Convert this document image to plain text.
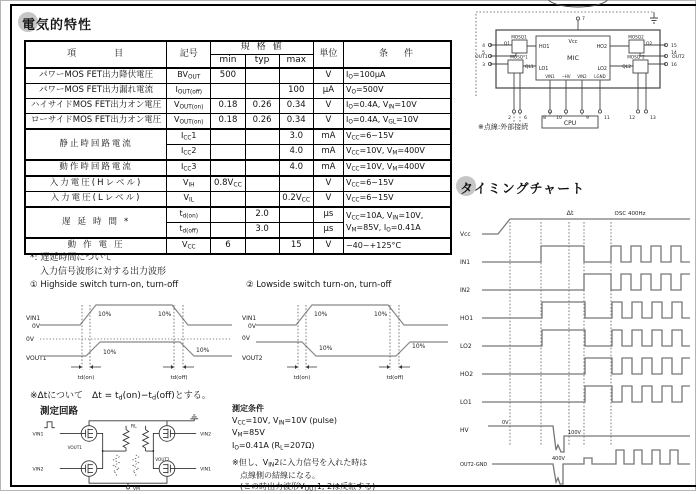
電気的特性
項目	記号	規格値			単位	条件
		min	typ	max		
パワーMOS FET出力降伏電圧	$BV_{OUT}$	500			V	$I_O=100\mu A$
パワーMOS FET出力漏れ電流	$I_{OUT(off)}$			100	μA	$V_O=500V$
ハイサイドMOS FET出力オン電圧	$V_{OUT(on)}$	0.18	0.26	0.34	V	$I_O=0.4A$, $V_{IN}=10V$
ローサイドMOS FET出力オン電圧	$V_{OUT(on)}$	0.18	0.26	0.34	V	$I_O=0.4A$, $V_{GL}=10V$
静止時回路電流	$I_{CC}1$			3.0	mA	$V_{CC}=6\sim 15V$
	$I_{CC}2$			4.0	mA	$V_{CC}=10V$, $V_M=400V$
動作時回路電流	$I_{CC}3$			4.0	mA	$V_{CC}=10V$, $V_M=400V$
入力電圧(Hレベル)	$V_{IH}$	$0.8V_{CC}$			V	$V_{CC}=6\sim 15V$
入力電圧(Lレベル)	$V_{IL}$			$0.2V_{CC}$	V	$V_{CC}=6\sim 15V$
遅延時間*	$t_{d(on)}$		2.0		μs	$V_{CC}=10A$, $V_{IN}=10V$,
$V_M=85V$, $I_O=0.41A$

	$t_{d(off)}$		3.0		μs	
動作電圧	$V_{CC}$	6		15	V	−40~+125°C
*: 遅延時間について
入力信号波形に対する出力波形
① Highside switch turn-on, turn-off
VIN1
0V
10%	10%
0V
VOUT1
10%	10%
td(on)	td(off)
② Lowside switch turn-on, turn-off
VIN1
0V
10%	10%
0V
VOUT2
10%	10%
td(on)	td(off)
※Δtについて　$\Delta t = t_d(on)-t_d(off)$とする。
測定回路
VIN1
VIN2
VOUT1
VOUT2
VIN2
VIN1
RL
VM
測定条件
$V_{CC}=10V$, $V_{IN}=10V$ (pulse)
$V_M=85V$
$I_O=0.41A$ $(R_L=207\Omega)$
※但し、$V_{IN}2$に入力信号を入れた時は
点線側の結線になる。
(この時出力波形$V_{OUT}1$, 2は反転する)
Vcc
MIC
HO1
LO1
HO2
LO2
VIN1 −HV VIN2 LGND
MOSQ1
Q1
MOSQ*1
QL1
MOSQ2
Q2
MOSQ*2
QL2
OUT1	OUT2
CPU
7
4
5
3
15
14
16
2	6	8 10	9	11	12	13
※点線:外部接続
タイミングチャート
Δt	OSC 400Hz
Vcc
IN1
IN2
HO1
LO2
HO2
LO1
HV
0V
400V
100V
OUT2-GND
